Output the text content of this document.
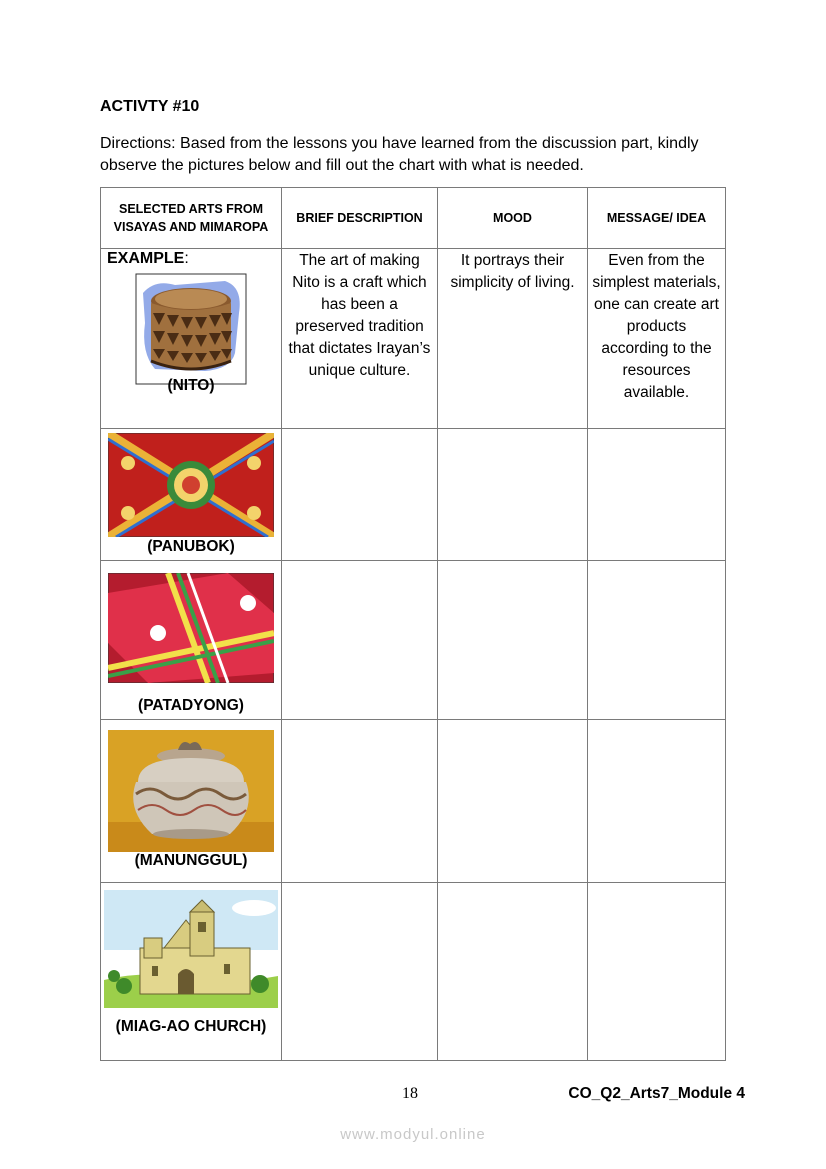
ACTIVTY #10
Directions: Based from the lessons you have learned from the discussion part, kindly observe the pictures below and fill out the chart with what is needed.
SELECTED ARTS FROM VISAYAS AND MIMAROPA	BRIEF DESCRIPTION	MOOD	MESSAGE/ IDEA

EXAMPLE:
(NITO)	The art of making Nito is a craft which has been a preserved tradition that dictates Irayan’s unique culture.	It portrays their simplicity of living.	Even from the simplest materials, one can create art products according to the resources available.

(PANUBOK)			

(PATADYONG)			

(MANUNGGUL)			

(MIAG-AO CHURCH)			

18	CO_Q2_Arts7_Module 4
www.modyul.online
